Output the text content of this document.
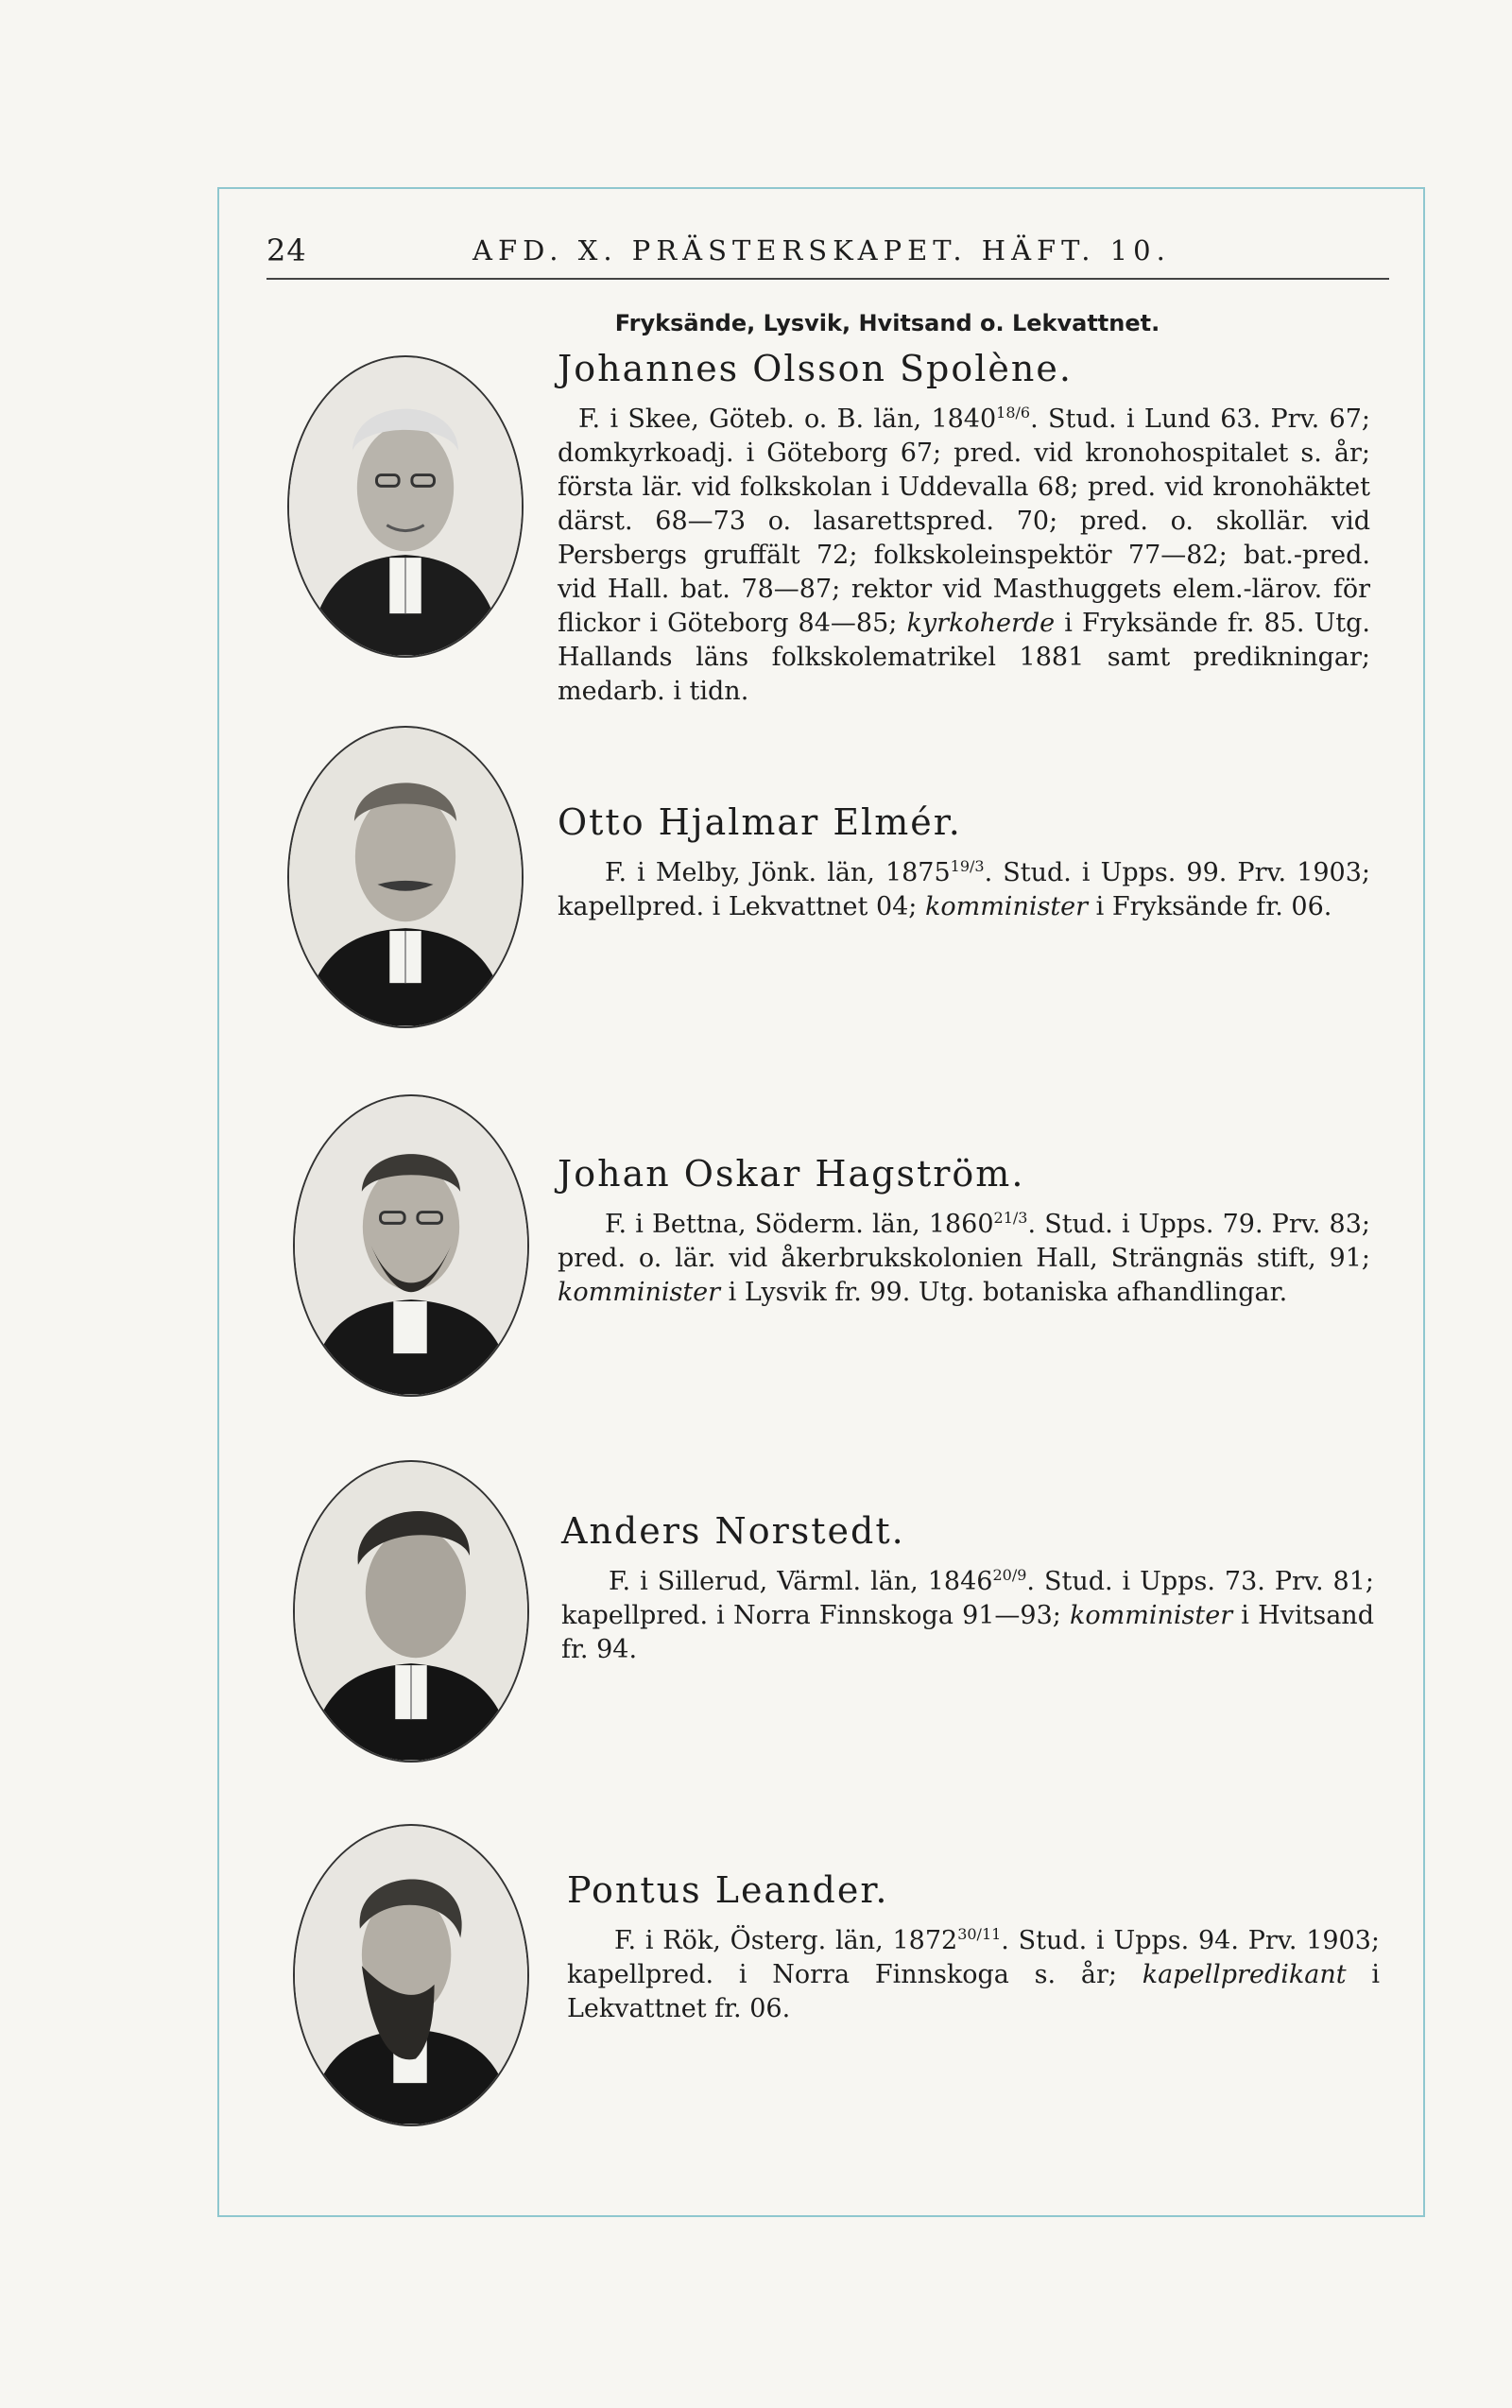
24	AFD. X. PRÄSTERSKAPET. HÄFT. 10.
Fryksände, Lysvik, Hvitsand o. Lekvattnet.
Johannes Olsson Spolène.
F. i Skee, Göteb. o. B. län, $1840^{18/6}$. Stud. i Lund 63. Prv. 67; domkyrkoadj. i Göteborg 67; pred. vid kronohospitalet s. år; första lär. vid folkskolan i Uddevalla 68; pred. vid kronohäktet därst. 68—73 o. lasarettspred. 70; pred. o. skollär. vid Persbergs gruffält 72; folkskoleinspektör 77—82; bat.-pred. vid Hall. bat. 78—87; rektor vid Masthuggets elem.-lärov. för flickor i Göteborg 84—85; kyrkoherde i Fryksände fr. 85. Utg. Hallands läns folkskolematrikel 1881 samt predikningar; medarb. i tidn.
Otto Hjalmar Elmér.
F. i Melby, Jönk. län, $1875^{19/3}$. Stud. i Upps. 99. Prv. 1903; kapellpred. i Lekvattnet 04; komminister i Fryksände fr. 06.
Johan Oskar Hagström.
F. i Bettna, Söderm. län, $1860^{21/3}$. Stud. i Upps. 79. Prv. 83; pred. o. lär. vid åkerbrukskolonien Hall, Strängnäs stift, 91; komminister i Lysvik fr. 99. Utg. botaniska afhandlingar.
Anders Norstedt.
F. i Sillerud, Värml. län, $1846^{20/9}$. Stud. i Upps. 73. Prv. 81; kapellpred. i Norra Finnskoga 91—93; komminister i Hvitsand fr. 94.
Pontus Leander.
F. i Rök, Österg. län, $1872^{30/11}$. Stud. i Upps. 94. Prv. 1903; kapellpred. i Norra Finnskoga s. år; kapellpredikant i Lekvattnet fr. 06.
